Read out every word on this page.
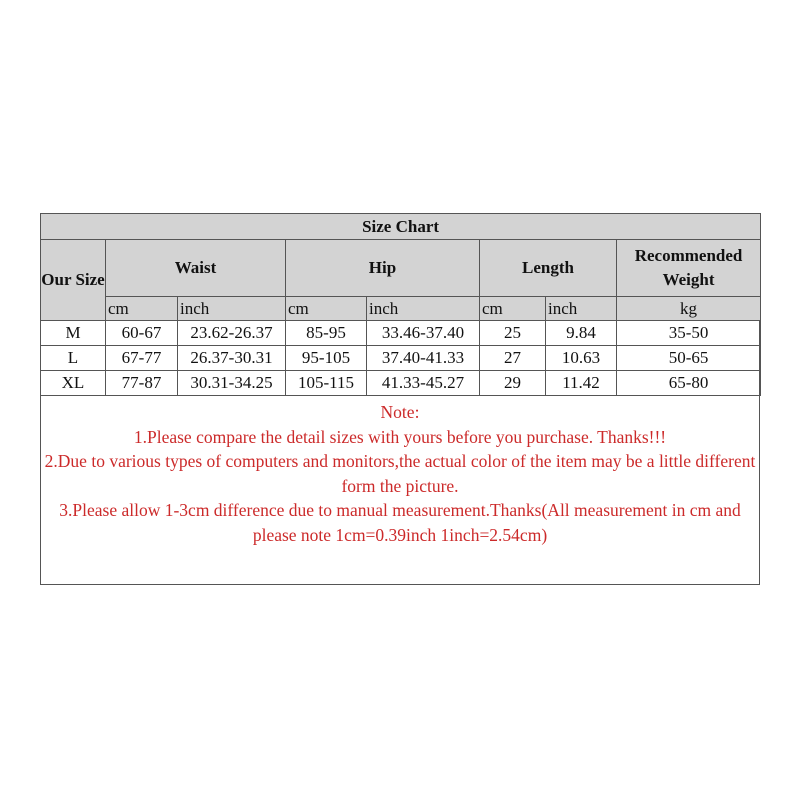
Size Chart							
Our Size	Waist		Hip		Length		Recommended Weight
	cm	inch	cm	inch	cm	inch	kg
M	60-67	23.62-26.37	85-95	33.46-37.40	25	9.84	35-50
L	67-77	26.37-30.31	95-105	37.40-41.33	27	10.63	50-65
XL	77-87	30.31-34.25	105-115	41.33-45.27	29	11.42	65-80
Note:
1.Please compare the detail sizes with yours before you purchase. Thanks!!!
2.Due to various types of computers and monitors,the actual color of the item may be a little different form the picture.
3.Please allow 1-3cm difference due to manual measurement.Thanks(All measurement in cm and please note 1cm=0.39inch 1inch=2.54cm)
